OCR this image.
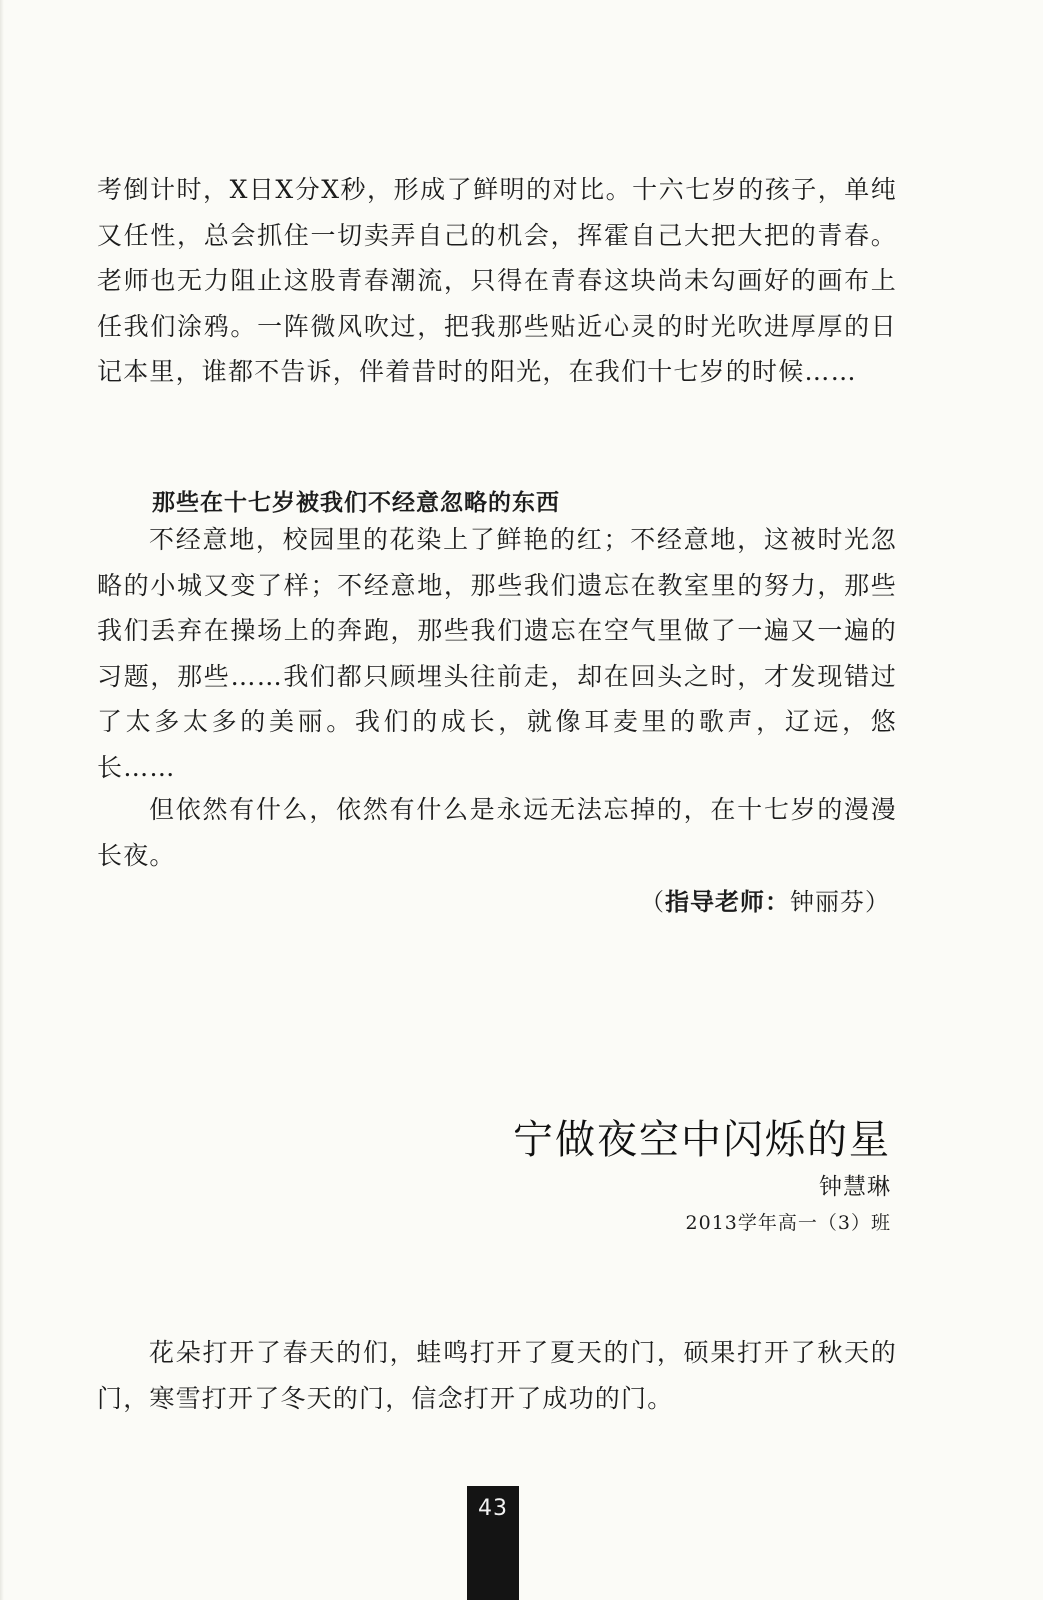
考倒计时，X日X分X秒，形成了鲜明的对比。十六七岁的孩子，单纯又任性，总会抓住一切卖弄自己的机会，挥霍自己大把大把的青春。老师也无力阻止这股青春潮流，只得在青春这块尚未勾画好的画布上任我们涂鸦。一阵微风吹过，把我那些贴近心灵的时光吹进厚厚的日记本里，谁都不告诉，伴着昔时的阳光，在我们十七岁的时候……

那些在十七岁被我们不经意忽略的东西

不经意地，校园里的花染上了鲜艳的红；不经意地，这被时光忽略的小城又变了样；不经意地，那些我们遗忘在教室里的努力，那些我们丢弃在操场上的奔跑，那些我们遗忘在空气里做了一遍又一遍的习题，那些……我们都只顾埋头往前走，却在回头之时，才发现错过了太多太多的美丽。我们的成长，就像耳麦里的歌声，辽远，悠长……

但依然有什么，依然有什么是永远无法忘掉的，在十七岁的漫漫长夜。

（指导老师：钟丽芬）
宁做夜空中闪烁的星
钟慧琳
2013学年高一（3）班

花朵打开了春天的们，蛙鸣打开了夏天的门，硕果打开了秋天的门，寒雪打开了冬天的门，信念打开了成功的门。

43
